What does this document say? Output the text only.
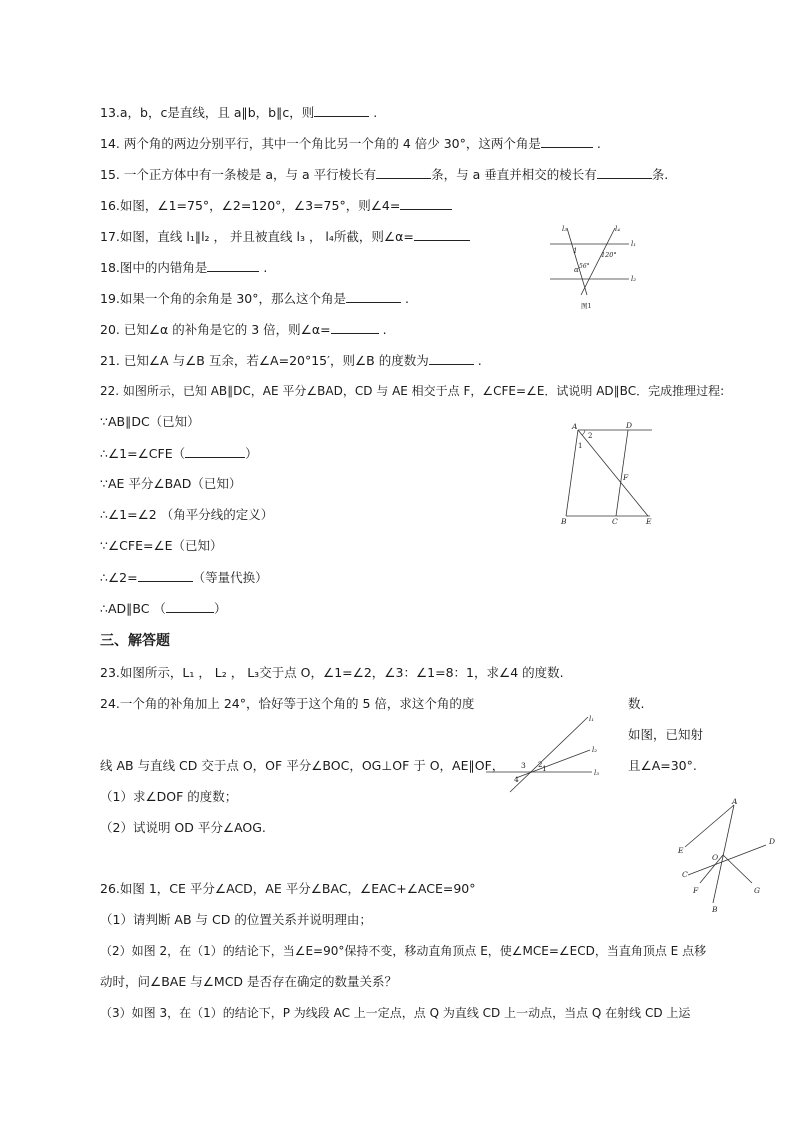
13.a，b，c是直线，且 a∥b，b∥c，则	.
14. 两个角的两边分别平行，其中一个角比另一个角的 4 倍少 30°，这两个角是	.
15. 一个正方体中有一条棱是 a，与 a 平行棱长有	条，与 a 垂直并相交的棱长有	条.
16.如图，∠1=75°，∠2=120°，∠3=75°，则∠4=
17.如图，直线 l₁∥l₂ ， 并且被直线 l₃ ， l₄所截，则∠α=
18.图中的内错角是	.
19.如果一个角的余角是 30°，那么这个角是	.
20. 已知∠α 的补角是它的 3 倍，则∠α=	.
21. 已知∠A 与∠B 互余，若∠A=20°15′，则∠B 的度数为	.
22. 如图所示，已知 AB∥DC，AE 平分∠BAD，CD 与 AE 相交于点 F，∠CFE=∠E．试说明 AD∥BC．完成推理过程:
∵AB∥DC（已知）
∴∠1=∠CFE（	）
∵AE 平分∠BAD（已知）
∴∠1=∠2 （角平分线的定义）
∵∠CFE=∠E（已知）
∴∠2=	（等量代换）
∴AD∥BC （	）
三、解答题
23.如图所示，L₁ ， L₂ ， L₃交于点 O，∠1=∠2，∠3：∠1=8：1，求∠4 的度数.
24.一个角的补角加上 24°，恰好等于这个角的 5 倍，求这个角的度	数.
如图，已知射
线 AB 与直线 CD 交于点 O，OF 平分∠BOC，OG⊥OF 于 O，AE∥OF，	且∠A=30°.
（1）求∠DOF 的度数；
（2）试说明 OD 平分∠AOG.
26.如图 1，CE 平分∠ACD，AE 平分∠BAC，∠EAC+∠ACE=90°
（1）请判断 AB 与 CD 的位置关系并说明理由；
（2）如图 2，在（1）的结论下，当∠E=90°保持不变，移动直角顶点 E，使∠MCE=∠ECD，当直角顶点 E 点移
动时，问∠BAE 与∠MCD 是否存在确定的数量关系？
（3）如图 3，在（1）的结论下，P 为线段 AC 上一定点，点 Q 为直线 CD 上一动点，当点 Q 在射线 CD 上运
l₃	l₄
l₁
l₂
1	120°
56°
α
图1
A	D
B	C	E
F
1
2
l₁
l₂
l₃
1
2
3
4
A
B
C
D
E
F	G
O
